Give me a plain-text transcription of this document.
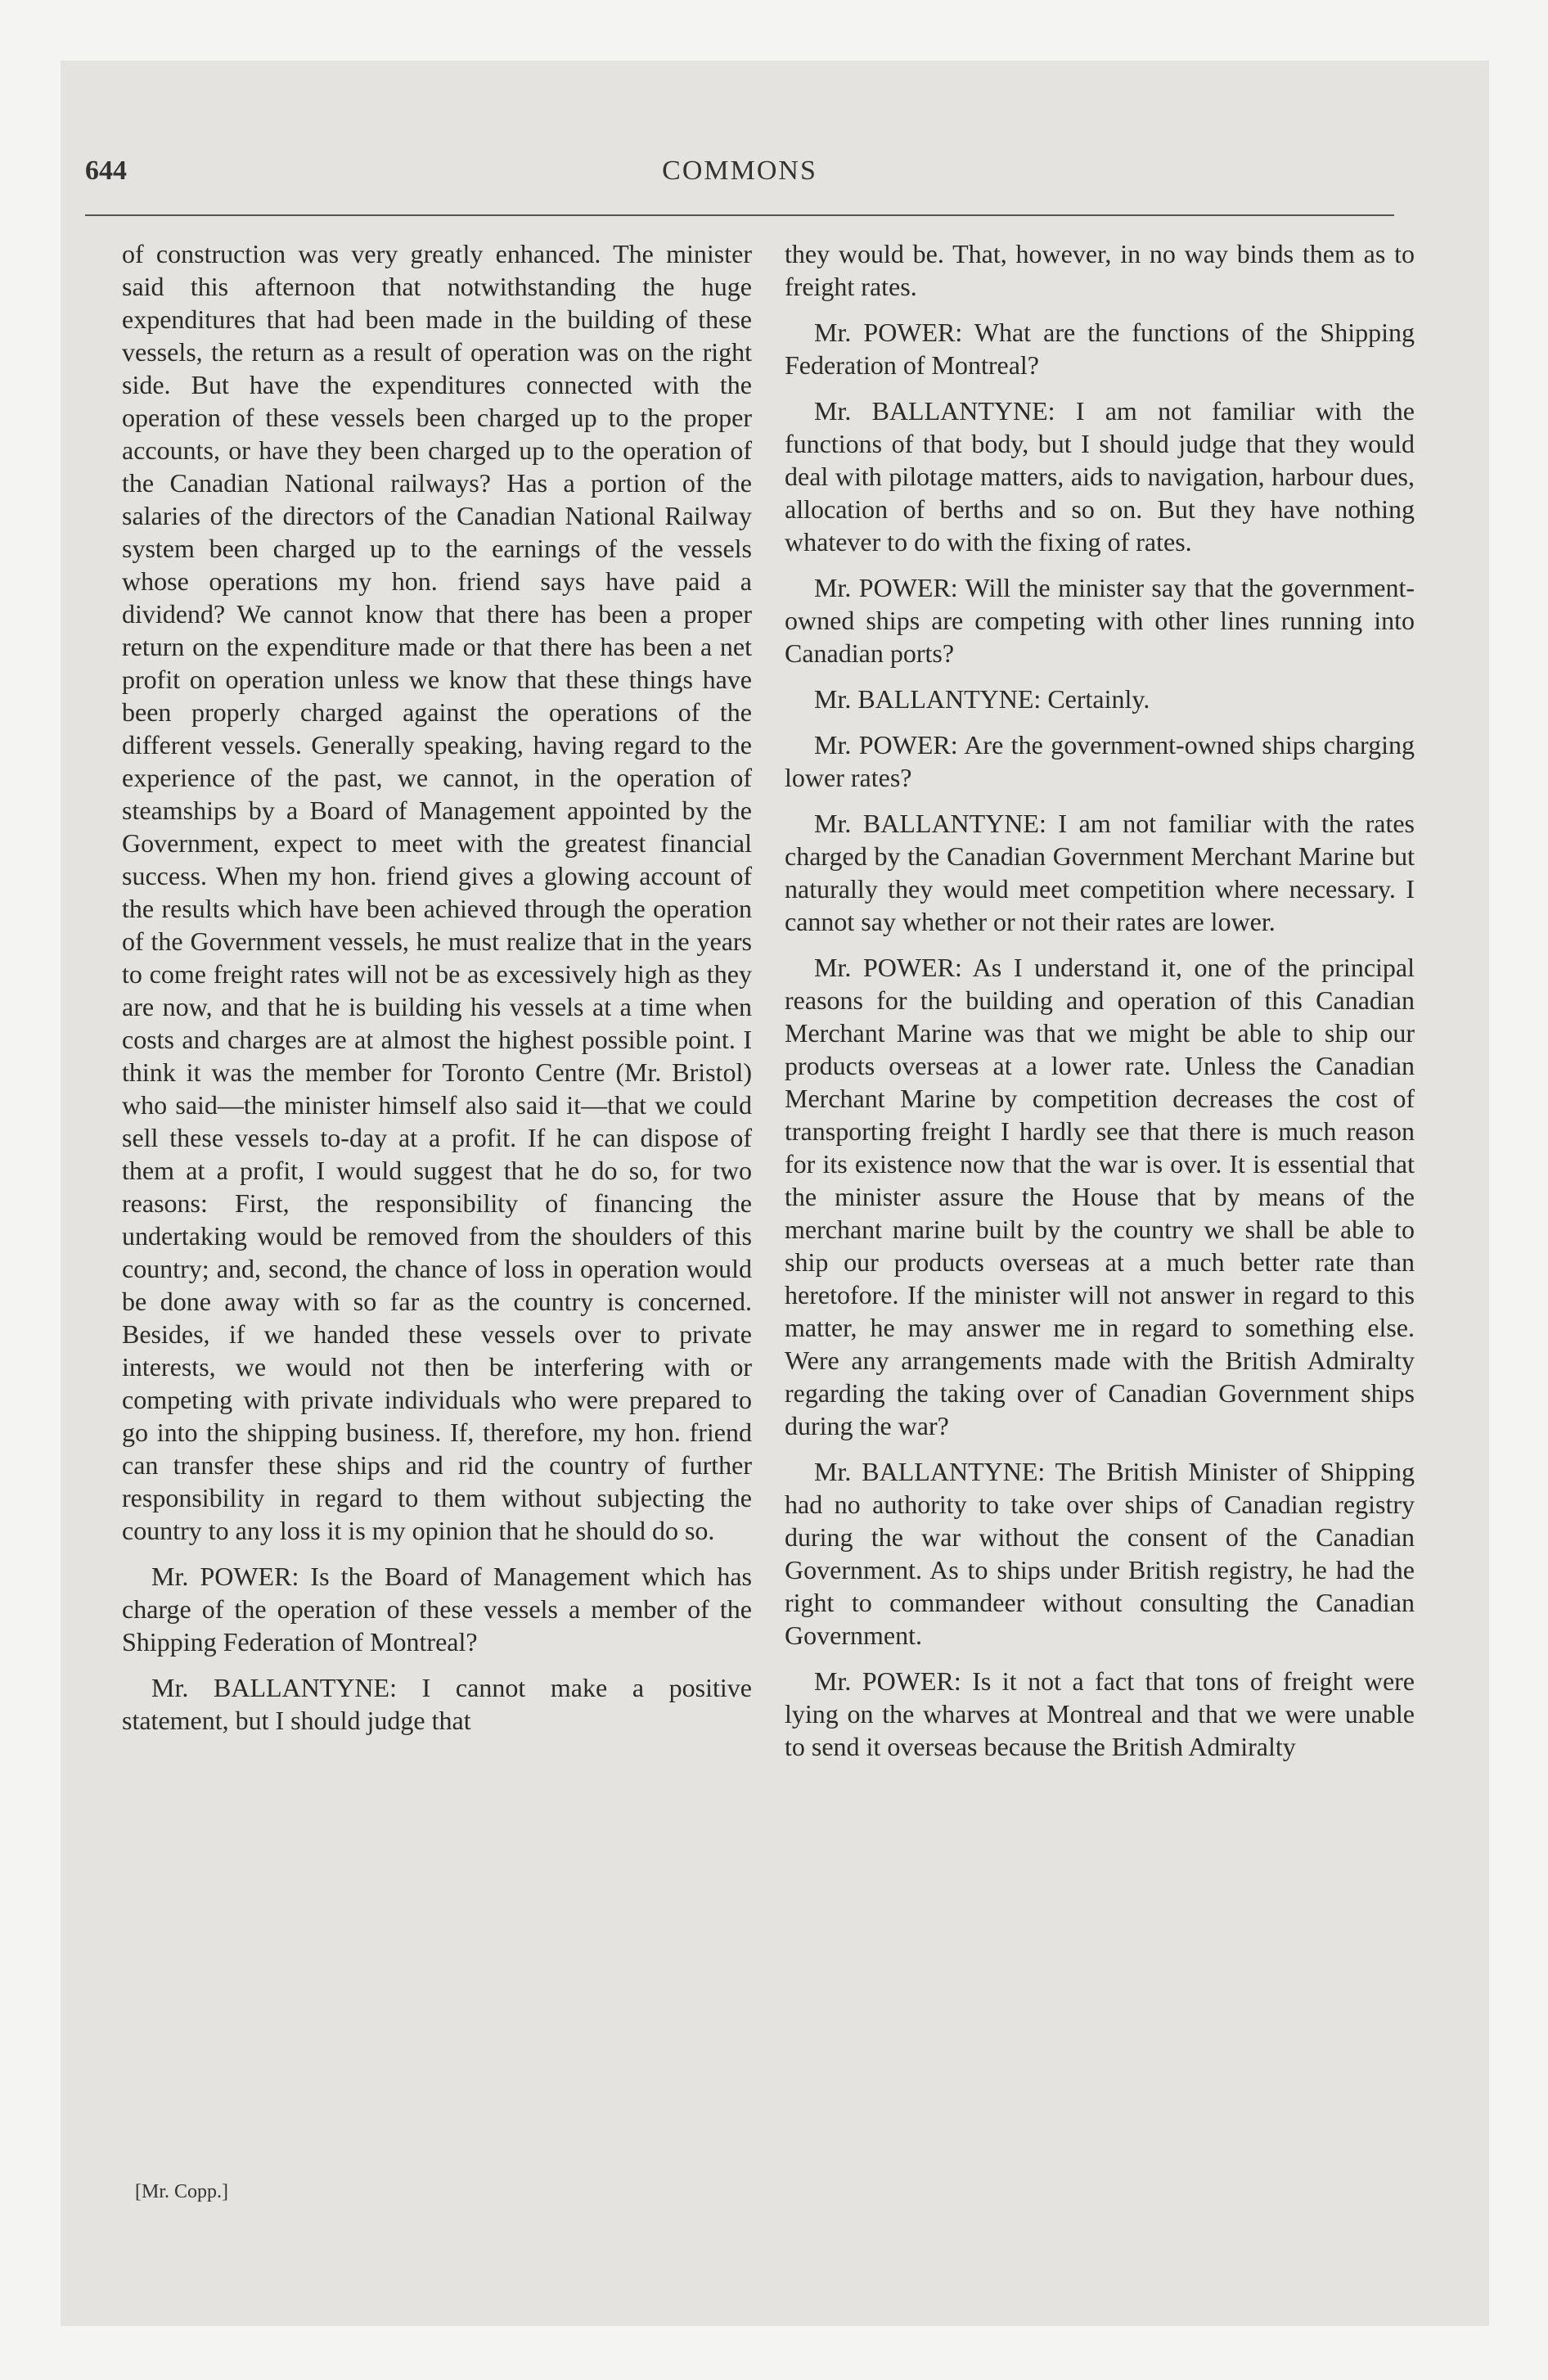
644	COMMONS

of construction was very greatly enhanced. The minister said this afternoon that notwithstanding the huge expenditures that had been made in the building of these vessels, the return as a result of operation was on the right side. But have the expenditures connected with the operation of these vessels been charged up to the proper accounts, or have they been charged up to the operation of the Canadian National railways? Has a portion of the salaries of the directors of the Canadian National Railway system been charged up to the earnings of the vessels whose operations my hon. friend says have paid a dividend? We cannot know that there has been a proper return on the expenditure made or that there has been a net profit on operation unless we know that these things have been properly charged against the operations of the different vessels. Generally speaking, having regard to the experience of the past, we cannot, in the operation of steamships by a Board of Management appointed by the Government, expect to meet with the greatest financial success. When my hon. friend gives a glowing account of the results which have been achieved through the operation of the Government vessels, he must realize that in the years to come freight rates will not be as excessively high as they are now, and that he is building his vessels at a time when costs and charges are at almost the highest possible point. I think it was the member for Toronto Centre (Mr. Bristol) who said—the minister himself also said it—that we could sell these vessels to-day at a profit. If he can dispose of them at a profit, I would suggest that he do so, for two reasons: First, the responsibility of financing the undertaking would be removed from the shoulders of this country; and, second, the chance of loss in operation would be done away with so far as the country is concerned. Besides, if we handed these vessels over to private interests, we would not then be interfering with or competing with private individuals who were prepared to go into the shipping business. If, therefore, my hon. friend can transfer these ships and rid the country of further responsibility in regard to them without subjecting the country to any loss it is my opinion that he should do so.

Mr. POWER: Is the Board of Management which has charge of the operation of these vessels a member of the Shipping Federation of Montreal?

Mr. BALLANTYNE: I cannot make a positive statement, but I should judge that

they would be. That, however, in no way binds them as to freight rates.

Mr. POWER: What are the functions of the Shipping Federation of Montreal?

Mr. BALLANTYNE: I am not familiar with the functions of that body, but I should judge that they would deal with pilotage matters, aids to navigation, harbour dues, allocation of berths and so on. But they have nothing whatever to do with the fixing of rates.

Mr. POWER: Will the minister say that the government-owned ships are competing with other lines running into Canadian ports?

Mr. BALLANTYNE: Certainly.

Mr. POWER: Are the government-owned ships charging lower rates?

Mr. BALLANTYNE: I am not familiar with the rates charged by the Canadian Government Merchant Marine but naturally they would meet competition where necessary. I cannot say whether or not their rates are lower.

Mr. POWER: As I understand it, one of the principal reasons for the building and operation of this Canadian Merchant Marine was that we might be able to ship our products overseas at a lower rate. Unless the Canadian Merchant Marine by competition decreases the cost of transporting freight I hardly see that there is much reason for its existence now that the war is over. It is essential that the minister assure the House that by means of the merchant marine built by the country we shall be able to ship our products overseas at a much better rate than heretofore. If the minister will not answer in regard to this matter, he may answer me in regard to something else. Were any arrangements made with the British Admiralty regarding the taking over of Canadian Government ships during the war?

Mr. BALLANTYNE: The British Minister of Shipping had no authority to take over ships of Canadian registry during the war without the consent of the Canadian Government. As to ships under British registry, he had the right to commandeer without consulting the Canadian Government.

Mr. POWER: Is it not a fact that tons of freight were lying on the wharves at Montreal and that we were unable to send it overseas because the British Admiralty

[Mr. Copp.]
